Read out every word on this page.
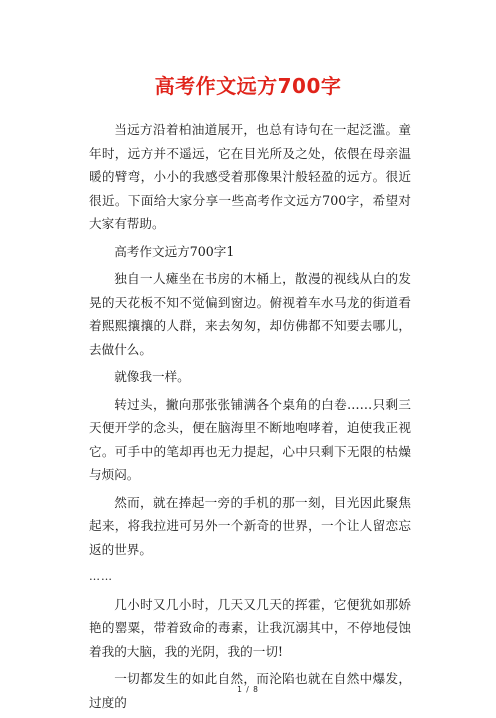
高考作文远方700字

当远方沿着柏油道展开，也总有诗句在一起泛滥。童年时，远方并不遥远，它在目光所及之处，依偎在母亲温暖的臂弯，小小的我感受着那像果汁般轻盈的远方。很近很近。下面给大家分享一些高考作文远方700字，希望对大家有帮助。

高考作文远方700字1

独自一人瘫坐在书房的木桶上，散漫的视线从白的发晃的天花板不知不觉偏到窗边。俯视着车水马龙的街道看着熙熙攘攘的人群，来去匆匆，却仿佛都不知要去哪儿，去做什么。

就像我一样。

转过头，撇向那张张铺满各个桌角的白卷……只剩三天便开学的念头，便在脑海里不断地咆哮着，迫使我正视它。可手中的笔却再也无力提起，心中只剩下无限的枯燥与烦闷。

然而，就在捧起一旁的手机的那一刻，目光因此聚焦起来，将我拉进可另外一个新奇的世界，一个让人留恋忘返的世界。

……

几小时又几小时，几天又几天的挥霍，它便犹如那娇艳的罂粟，带着致命的毒素，让我沉溺其中，不停地侵蚀着我的大脑，我的光阴，我的一切!

一切都发生的如此自然，而沦陷也就在自然中爆发，过度的

1 / 8
